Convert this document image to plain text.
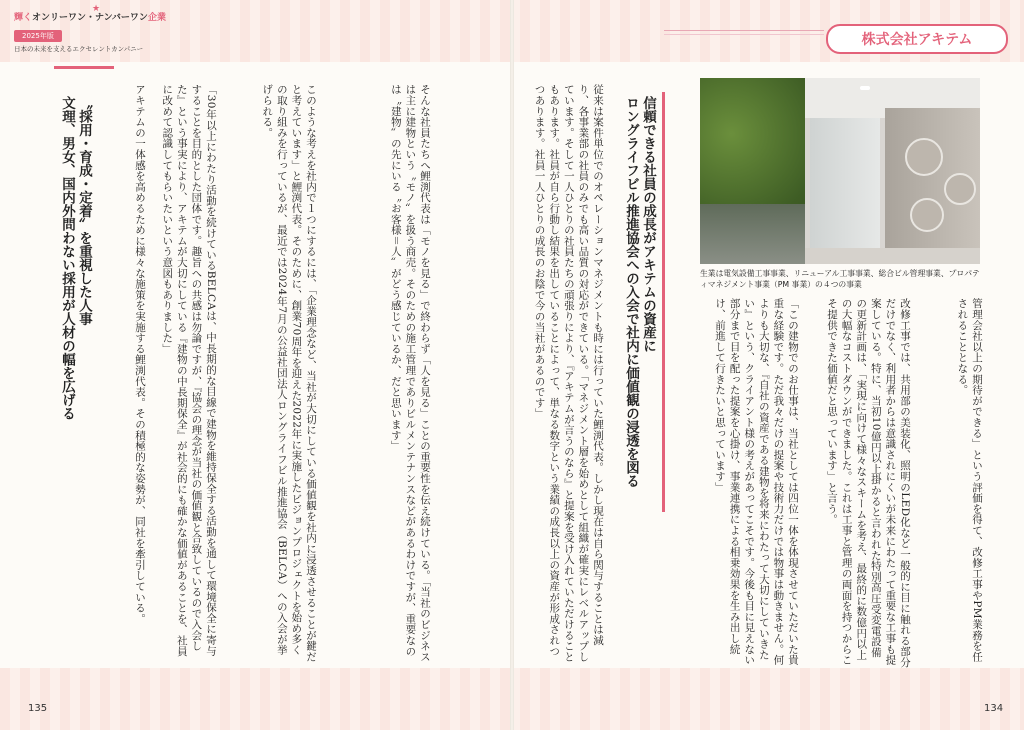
★
輝くオンリーワン・ナンバーワン企業
2025年版
日本の未来を支えるエクセレントカンパニー
信頼できる社員の成長がアキテムの資産に
ロングライフビル推進協会への入会で社内に価値観の浸透を図る
従来は案件単位でのオペレーションマネジメントも時には行っていた鯉渕代表。しかし現在は自ら関与することは減り、各事業部の社員のみでも高い品質の対応ができている。「マネジメント層を始めとして組織が確実にレベルアップしています。そして一人ひとりの社員たちの頑張りにより、『アキテムが言うのなら』と提案を受け入れていただけることもあります。社員が自ら行動し結果を出していることによって、単なる数字という業績の成長以上の資産が形成されつつあります。社員一人ひとりの成長のお陰で今の当社があるのです」
そんな社員たちへ鯉渕代表は「モノを見る」で終わらず「人を見る」ことの重要性を伝え続けている。「当社のビジネスは主に建物という〝モノ〟を扱う商売。そのための施工管理でありビルメンテナンスなどがあるわけですが、重要なのは〝建物〟の先にいる〝お客様＝人〟がどう感じているか、だと思います」
このような考えを社内で１つにするには、「企業理念など、当社が大切にしている価値観を社内に浸透させることが鍵だと考えています」と鯉渕代表。そのために、創業70周年を迎えた2022年に実施したビジョンプロジェクトを始め多くの取り組みを行っているが、最近では2024年7月の公益社団法人ロングライフビル推進協会（BELCA）への入会が挙げられる。
「30年以上にわたり活動を続けているBELCAは、中長期的な目線で建物を維持保全する活動を通して環境保全に寄与することを目的とした団体です。趣旨への共感は勿論ですが、『協会の理念が当社の価値観と合致しているので入会した』という事実により、アキテムが大切にしている『建物の中長期保全』が社会的にも確かな価値があることを、社員に改めて認識してもらいたいという意図もありました」
アキテムの一体感を高めるために様々な施策を実施する鯉渕代表。その積極的な姿勢が、同社を牽引している。
〝採用・育成・定着〟を重視した人事
文理、男女、国内外問わない採用が人材の幅を広げる
135
株式会社アキテム
生業は電気設備工事事業、リニューアル工事事業、総合ビル管理事業、プロパティマネジメント事業（PM 事業）の４つの事業
管理会社以上の期待ができる」という評価を得て、改修工事やPM業務を任されることとなる。
改修工事では、共用部の美装化、照明のLED化など一般的に目に触れる部分だけでなく、利用者からは意識されにくいが未来にわたって重要な工事も提案している。特に、当初10億円以上掛かると言われた特別高圧受変電設備の更新計画は、「実現に向けて様々なスキームを考え、最終的に数億円以上の大幅なコストダウンができました。これは工事と管理の両面を持つからこそ提供できた価値だと思っています」と言う。
「この建物でのお仕事は、当社としては四位一体を体現させていただいた貴重な経験です。ただ我々だけの提案や技術力だけでは物事は動きません。何よりも大切な、『自社の資産である建物を将来にわたって大切にしていきたい』という、クライアント様の考えがあってこそです。今後も目に見えない部分まで目を配った提案を心掛け、事業連携による相乗効果を生み出し続け、前進して行きたいと思っています」
134
